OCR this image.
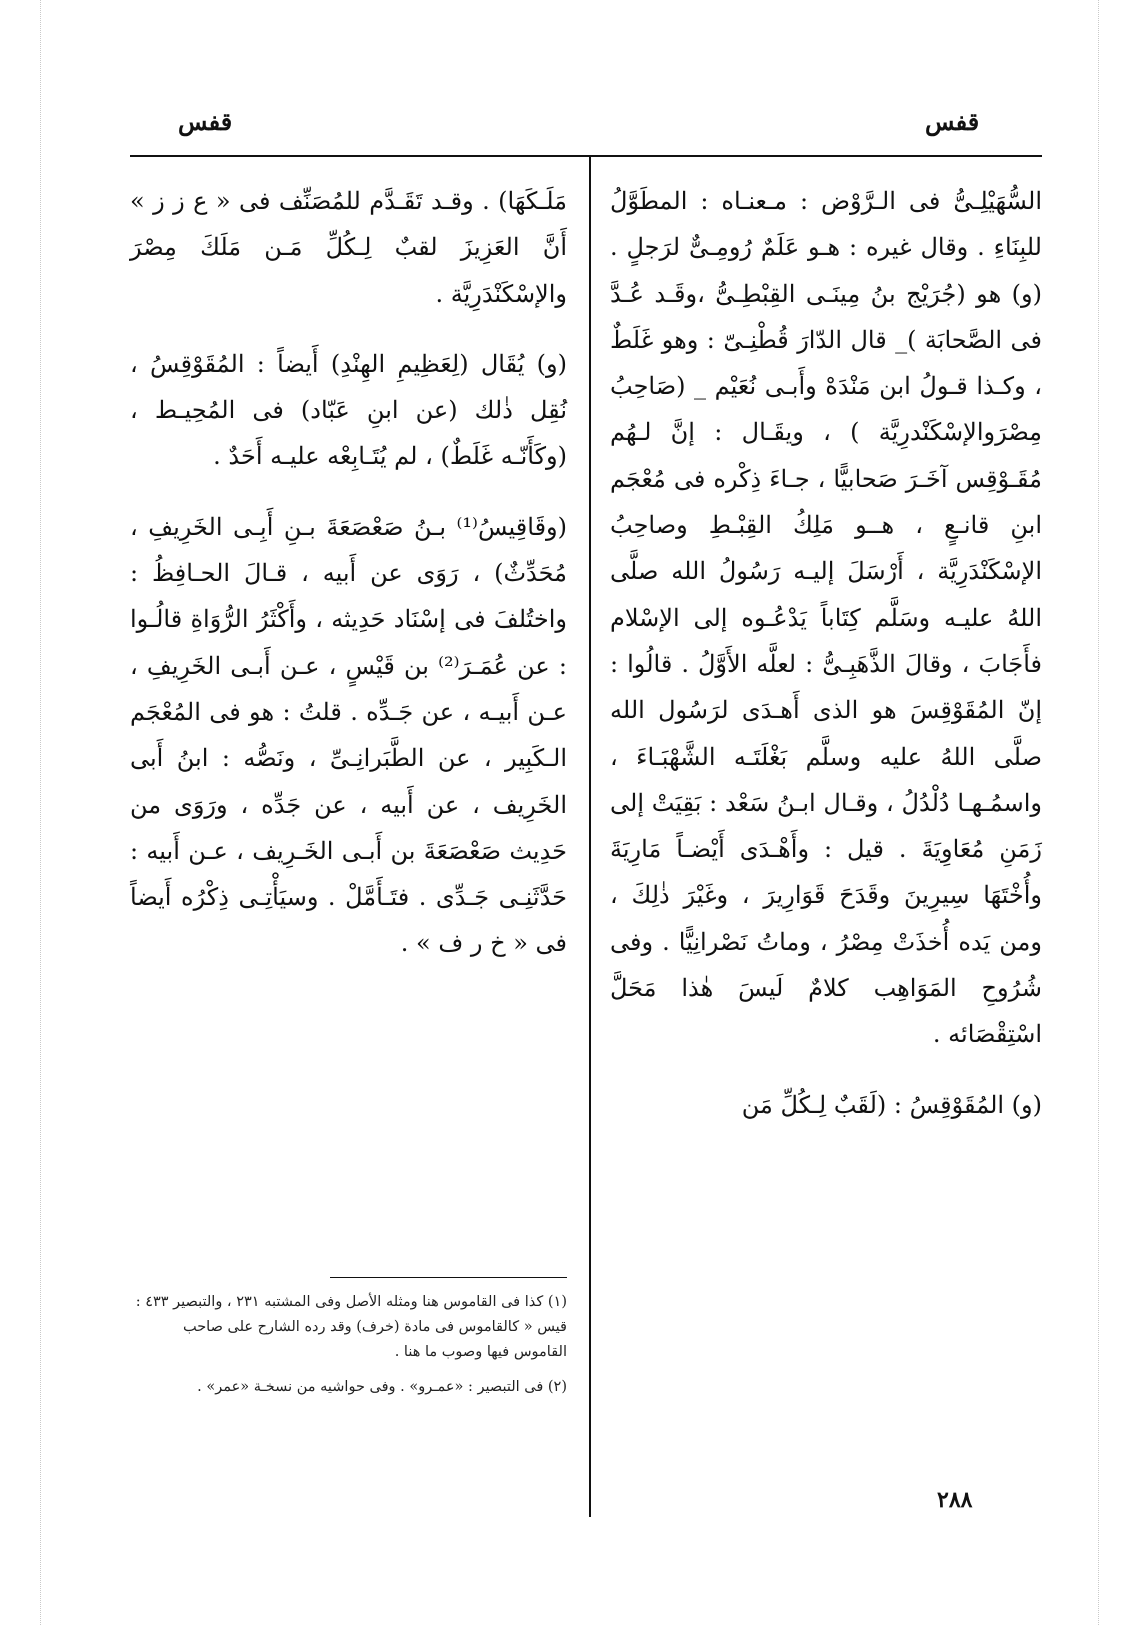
قفس
قفس

السُّهَيْلِـىُّ فى الـرَّوْض : مـعنـاه : المطَوَّلُ للبِنَاءِ . وقال غيره : هـو عَلَمٌ رُومِـىٌّ لرَجلٍ . (و) هو (جُرَيْج بنُ مِينَـى القِبْطِـىُّ ،وقَـد عُـدَّ فى الصَّحابَة )_ قال الدّارَ قُطْنِـىّ : وهو غَلَطٌ ، وكـذا قـولُ ابن مَنْدَهْ وأَبـى نُعَيْم _ (صَاحِبُ مِصْرَوالإسْكَنْدرِيَّة ) ، ويقَـال : إنَّ لـهُم مُقَـوْقِس آخَـرَ صَحابيًّا ، جـاءَ ذِكْره فى مُعْجَم ابنِ قانـعٍ ، هــو مَلِكُ القِبْـطِ وصاحِبُ الإسْكَنْدَرِيَّة ، أَرْسَلَ إليـه رَسُولُ الله صلَّى اللهُ عليـه وسَلَّم كِتَاباً يَدْعُـوه إلى الإسْلام فأَجَابَ ، وقالَ الذَّهَبِـىُّ : لعلَّه الأَوَّلُ . قالُوا : إنّ المُقَوْقِسَ هو الذى أَهـدَى لرَسُول الله صلَّى اللهُ عليه وسلَّم بَغْلَتَـه الشَّهْبَـاءَ ، واسمُـهـا دُلْدُلُ ، وقـال ابـنُ سَعْد : بَقِيَتْ إلى زَمَنِ مُعَاوِيَةَ . قيل : وأَهْـدَى أَيْضـاً مَارِيَةَ وأُخْتَهَا سِيرِينَ وقَدَحَ قَوَارِيرَ ، وغَيْرَ ذٰلِكَ ، ومن يَده أُخذَتْ مِصْرُ ، وماتُ نَصْرانِيًّا . وفى شُرُوحِ المَوَاهِب كلامٌ لَيسَ هٰذا مَحَلَّ اسْتِقْصَائه .

(و) المُقَوْقِسُ : (لَقَبٌ لِـكُلِّ مَن

مَلَـكَهَا) . وقـد تَقَـدَّم للمُصَنِّف فى « ع ز ز » أَنَّ العَزِيزَ لقبٌ لِـكُلِّ مَـن مَلَكَ مِصْرَ والإسْكَنْدَرِيَّة .

(و) يُقَال (لِعَظِيمِ الهِنْدِ) أَيضاً : المُقَوْقِسُ ، نُقِل ذٰلك (عن ابنِ عَبّاد) فى المُحِيـط ، (وكَأَنّـه غَلَطٌ) ، لم يُتَـابِعْه عليـه أَحَدٌ .

(وقَاقِيسُ⁽¹⁾ بـنُ صَعْصَعَةَ بـنِ أَبِـى الخَرِيفِ ، مُحَدِّثٌ) ، رَوَى عن أَبيه ، قـالَ الحـافِظُ : واختُلفَ فى إسْنَاد حَدِيثه ، وأَكْثَرُ الرُّوَاةِ قالُـوا : عن عُمَـرَ⁽²⁾ بن قَيْسٍ ، عـن أَبـى الخَرِيفِ ، عـن أَبيـه ، عن جَـدِّه . قلتُ : هو فى المُعْجَم الـكَبِير ، عن الطَّبَرانِـىِّ ، ونَصُّه : ابنُ أَبى الخَرِيف ، عن أَبيه ، عن جَدِّه ، ورَوَى من حَدِيث صَعْصَعَةَ بن أَبـى الخَـرِيف ، عـن أَبيه : حَدَّثَنِـى جَـدِّى . فتَـأَمَّلْ . وسيَأْتِـى ذِكْرُه أَيضاً فى « خ ر ف » .

(١) كذا فى القاموس هنا ومثله الأصل وفى المشتبه ٢٣١ ، والتبصير ٤٣٣ : قيس « كالقاموس فى مادة (خرف) وقد رده الشارح على صاحب القاموس فيها وصوب ما هنا .

(٢) فى التبصير : «عمـرو» . وفى حواشيه من نسخـة «عمر» .

٢٨٨
